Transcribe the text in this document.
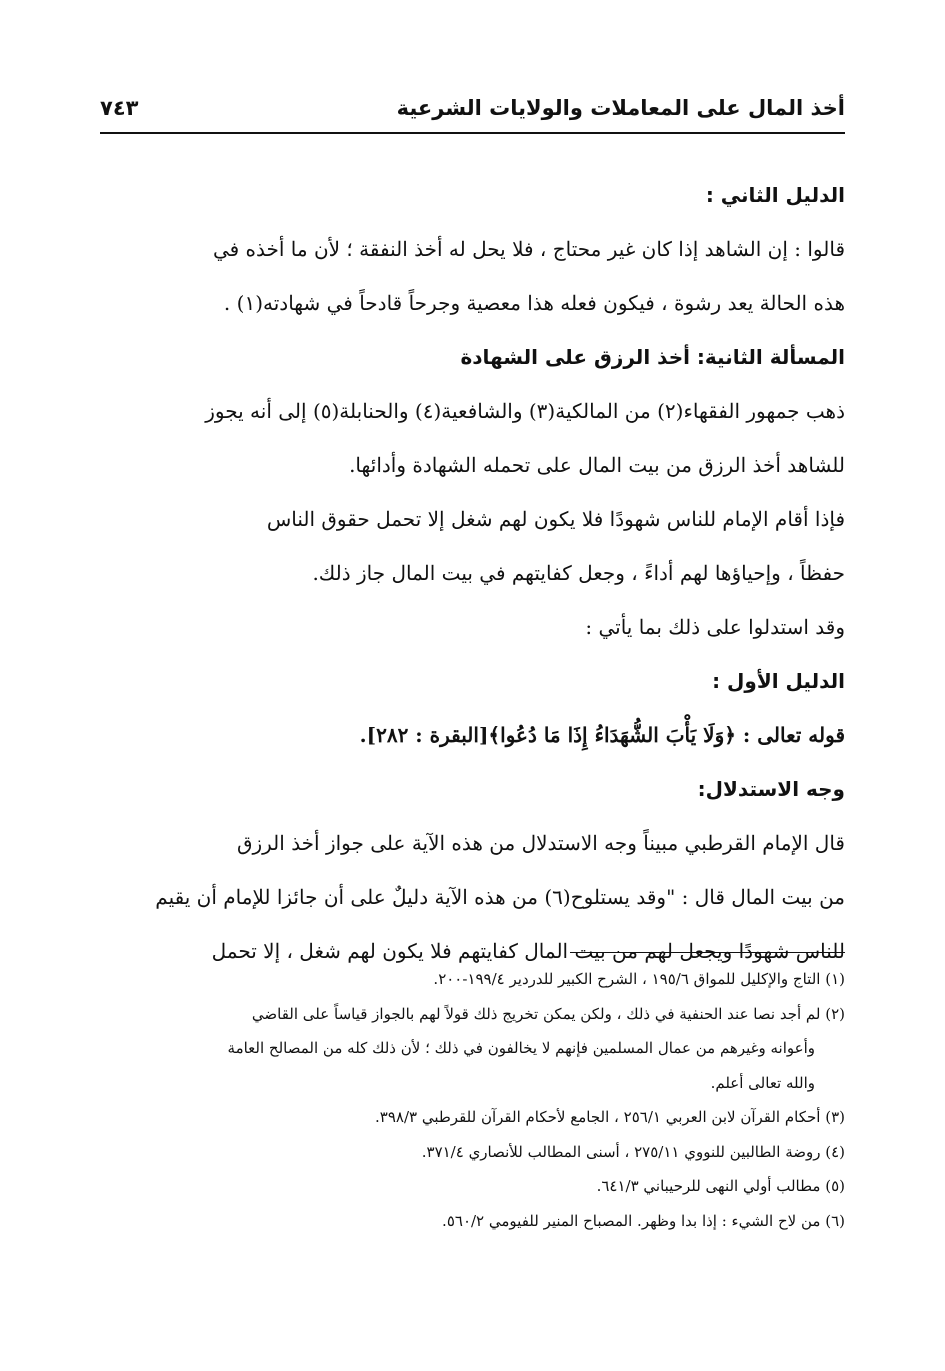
أخذ المال على المعاملات والولايات الشرعية
٧٤٣

الدليل الثاني :

قالوا : إن الشاهد إذا كان غير محتاج ، فلا يحل له أخذ النفقة ؛ لأن ما أخذه في

هذه الحالة يعد رشوة ، فيكون فعله هذا معصية وجرحاً قادحاً في شهادته(١) .

المسألة الثانية: أخذ الرزق على الشهادة

ذهب جمهور الفقهاء(٢) من المالكية(٣) والشافعية(٤) والحنابلة(٥) إلى أنه يجوز

للشاهد أخذ الرزق من بيت المال على تحمله الشهادة وأدائها.

فإذا أقام الإمام للناس شهودًا فلا يكون لهم شغل إلا تحمل حقوق الناس

حفظاً ، وإحياؤها لهم أداءً ، وجعل كفايتهم في بيت المال جاز ذلك.

وقد استدلوا على ذلك بما يأتي :

الدليل الأول :

قوله تعالى : ﴿وَلَا يَأْبَ الشُّهَدَاءُ إِذَا مَا دُعُوا﴾[البقرة : ٢٨٢].

وجه الاستدلال:

قال الإمام القرطبي مبيناً وجه الاستدلال من هذه الآية على جواز أخذ الرزق

من بيت المال قال : "وقد يستلوح(٦) من هذه الآية دليلٌ على أن جائزا للإمام أن يقيم

للناس شهودًا ويجعل لهم من بيت المال كفايتهم فلا يكون لهم شغل ، إلا تحمل

(١) التاج والإكليل للمواق ١٩٥/٦ ، الشرح الكبير للدردير ١٩٩/٤-٢٠٠.

(٢) لم أجد نصا عند الحنفية في ذلك ، ولكن يمكن تخريج ذلك قولاً لهم بالجواز قياساً على القاضي

وأعوانه وغيرهم من عمال المسلمين فإنهم لا يخالفون في ذلك ؛ لأن ذلك كله من المصالح العامة

والله تعالى أعلم.

(٣) أحكام القرآن لابن العربي ٢٥٦/١ ، الجامع لأحكام القرآن للقرطبي ٣٩٨/٣.

(٤) روضة الطالبين للنووي ٢٧٥/١١ ، أسنى المطالب للأنصاري ٣٧١/٤.

(٥) مطالب أولي النهى للرحيباني ٦٤١/٣.

(٦) من لاح الشيء : إذا بدا وظهر. المصباح المنير للفيومي ٥٦٠/٢.
